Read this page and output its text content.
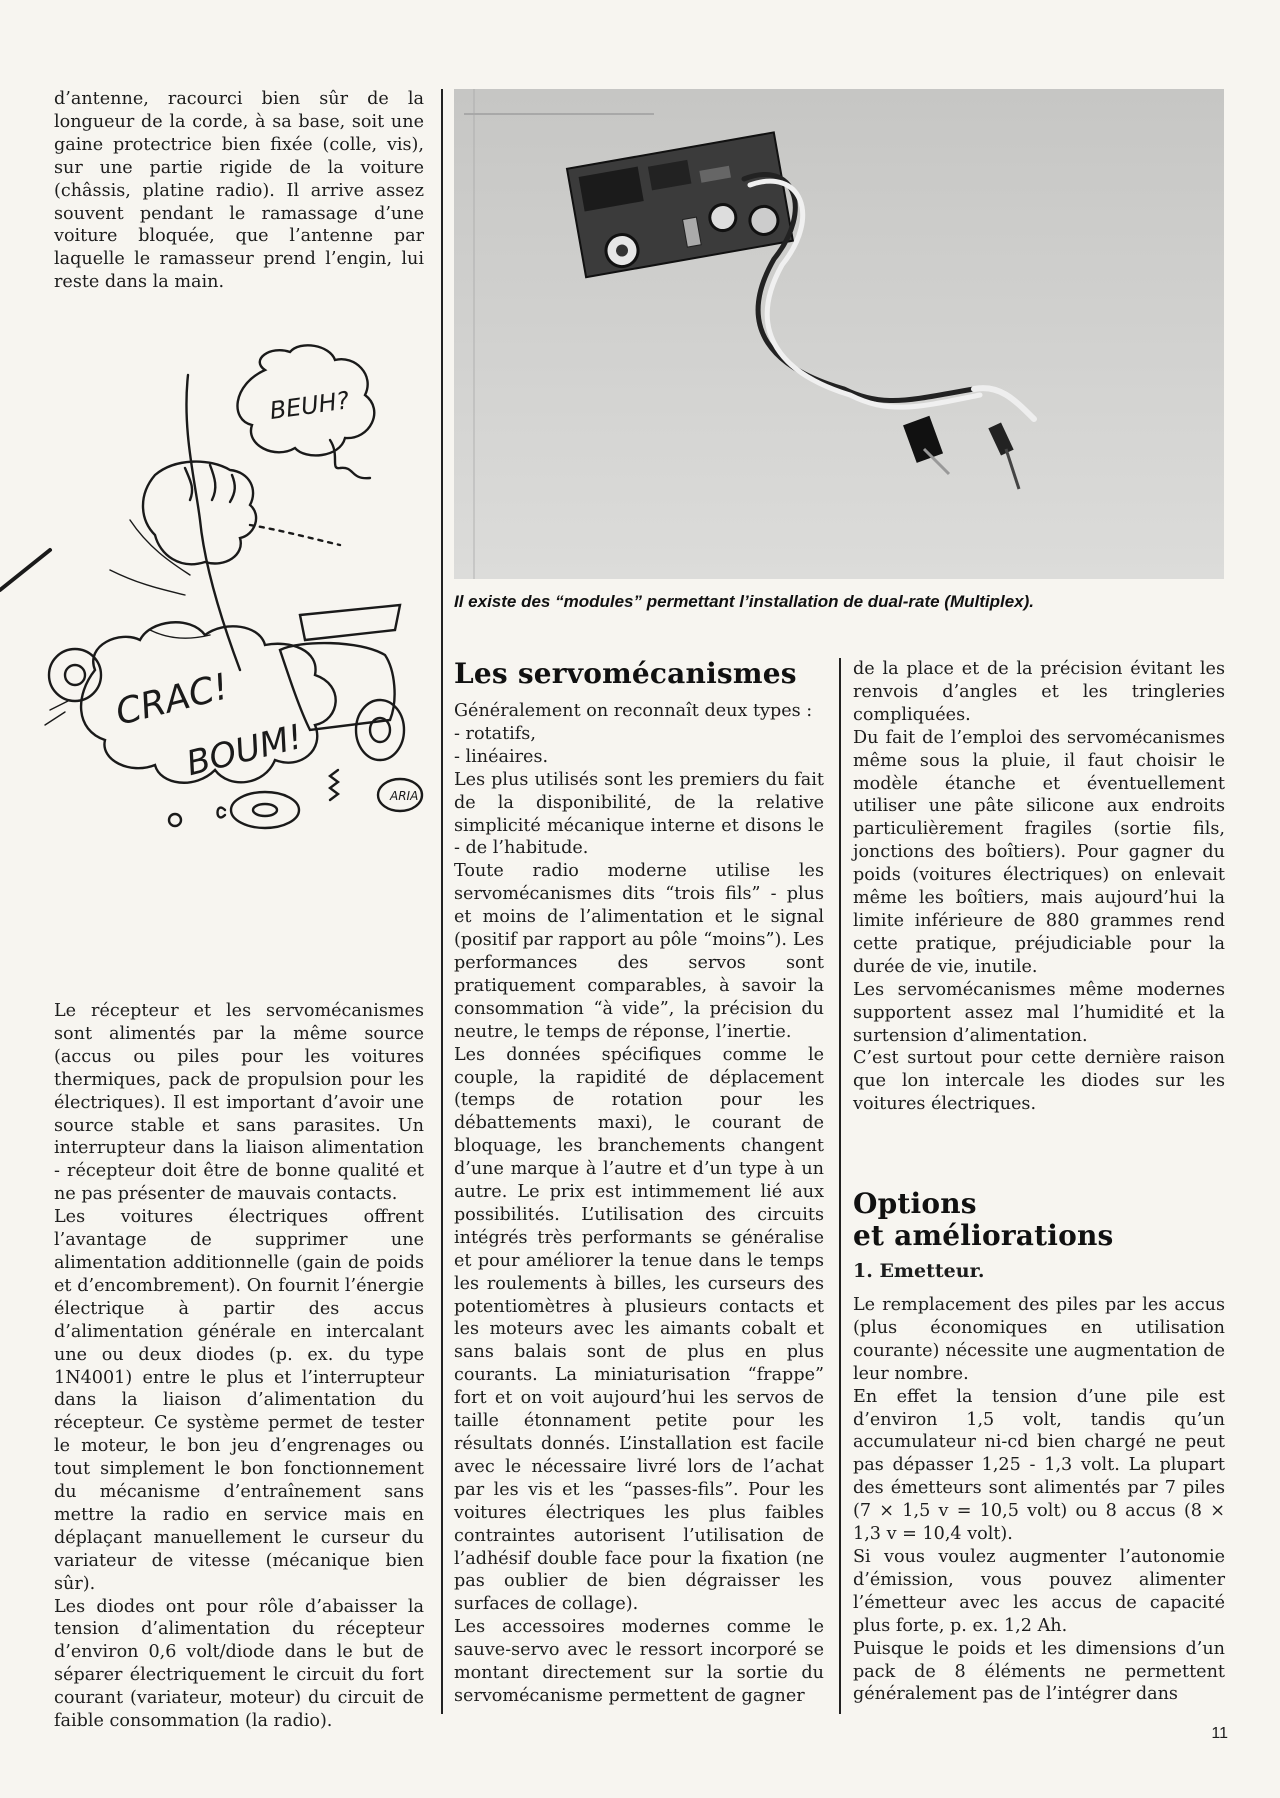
d’antenne, racourci bien sûr de la longueur de la corde, à sa base, soit une gaine protectrice bien fixée (colle, vis), sur une partie rigide de la voiture (châssis, platine radio). Il arrive assez souvent pendant le ramassage d’une voiture bloquée, que l’antenne par laquelle le ramasseur prend l’engin, lui reste dans la main.

BEUH?
CRAC!
BOUM!
ARIA

Le récepteur et les servomécanismes sont alimentés par la même source (accus ou piles pour les voitures thermiques, pack de propulsion pour les électriques). Il est important d’avoir une source stable et sans parasites. Un interrupteur dans la liaison alimentation - récepteur doit être de bonne qualité et ne pas présenter de mauvais contacts.

Les voitures électriques offrent l’avantage de supprimer une alimentation additionnelle (gain de poids et d’encombrement). On fournit l’énergie électrique à partir des accus d’alimentation générale en intercalant une ou deux diodes (p. ex. du type 1N4001) entre le plus et l’interrupteur dans la liaison d’alimentation du récepteur. Ce système permet de tester le moteur, le bon jeu d’engrenages ou tout simplement le bon fonctionnement du mécanisme d’entraînement sans mettre la radio en service mais en déplaçant manuellement le curseur du variateur de vitesse (mécanique bien sûr).

Les diodes ont pour rôle d’abaisser la tension d’alimentation du récepteur d’environ 0,6 volt/diode dans le but de séparer électriquement le circuit du fort courant (variateur, moteur) du circuit de faible consommation (la radio).

Il existe des “modules” permettant l’installation de dual-rate (Multiplex).
Les servomécanismes

Généralement on reconnaît deux types :

- rotatifs,

- linéaires.

Les plus utilisés sont les premiers du fait de la disponibilité, de la relative simplicité mécanique interne et disons le - de l’habitude.

Toute radio moderne utilise les servomécanismes dits “trois fils” - plus et moins de l’alimentation et le signal (positif par rapport au pôle “moins”). Les performances des servos sont pratiquement comparables, à savoir la consommation “à vide”, la précision du neutre, le temps de réponse, l’inertie.

Les données spécifiques comme le couple, la rapidité de déplacement (temps de rotation pour les débattements maxi), le courant de bloquage, les branchements changent d’une marque à l’autre et d’un type à un autre. Le prix est intimmement lié aux possibilités. L’utilisation des circuits intégrés très performants se généralise et pour améliorer la tenue dans le temps les roulements à billes, les curseurs des potentiomètres à plusieurs contacts et les moteurs avec les aimants cobalt et sans balais sont de plus en plus courants. La miniaturisation “frappe” fort et on voit aujourd’hui les servos de taille étonnament petite pour les résultats donnés. L’installation est facile avec le nécessaire livré lors de l’achat par les vis et les “passes-fils”. Pour les voitures électriques les plus faibles contraintes autorisent l’utilisation de l’adhésif double face pour la fixation (ne pas oublier de bien dégraisser les surfaces de collage).

Les accessoires modernes comme le sauve-servo avec le ressort incorporé se montant directement sur la sortie du servomécanisme permettent de gagner

de la place et de la précision évitant les renvois d’angles et les tringleries compliquées.

Du fait de l’emploi des servomécanismes même sous la pluie, il faut choisir le modèle étanche et éventuellement utiliser une pâte silicone aux endroits particulièrement fragiles (sortie fils, jonctions des boîtiers). Pour gagner du poids (voitures électriques) on enlevait même les boîtiers, mais aujourd’hui la limite inférieure de 880 grammes rend cette pratique, préjudiciable pour la durée de vie, inutile.

Les servomécanismes même modernes supportent assez mal l’humidité et la surtension d’alimentation.

C’est surtout pour cette dernière raison que lon intercale les diodes sur les voitures électriques.

Options
et améliorations
1. Emetteur.

Le remplacement des piles par les accus (plus économiques en utilisation courante) nécessite une augmentation de leur nombre.

En effet la tension d’une pile est d’environ 1,5 volt, tandis qu’un accumulateur ni-cd bien chargé ne peut pas dépasser 1,25 - 1,3 volt. La plupart des émetteurs sont alimentés par 7 piles (7 × 1,5 v = 10,5 volt) ou 8 accus (8 × 1,3 v = 10,4 volt).

Si vous voulez augmenter l’autonomie d’émission, vous pouvez alimenter l’émetteur avec les accus de capacité plus forte, p. ex. 1,2 Ah.

Puisque le poids et les dimensions d’un pack de 8 éléments ne permettent généralement pas de l’intégrer dans

11
